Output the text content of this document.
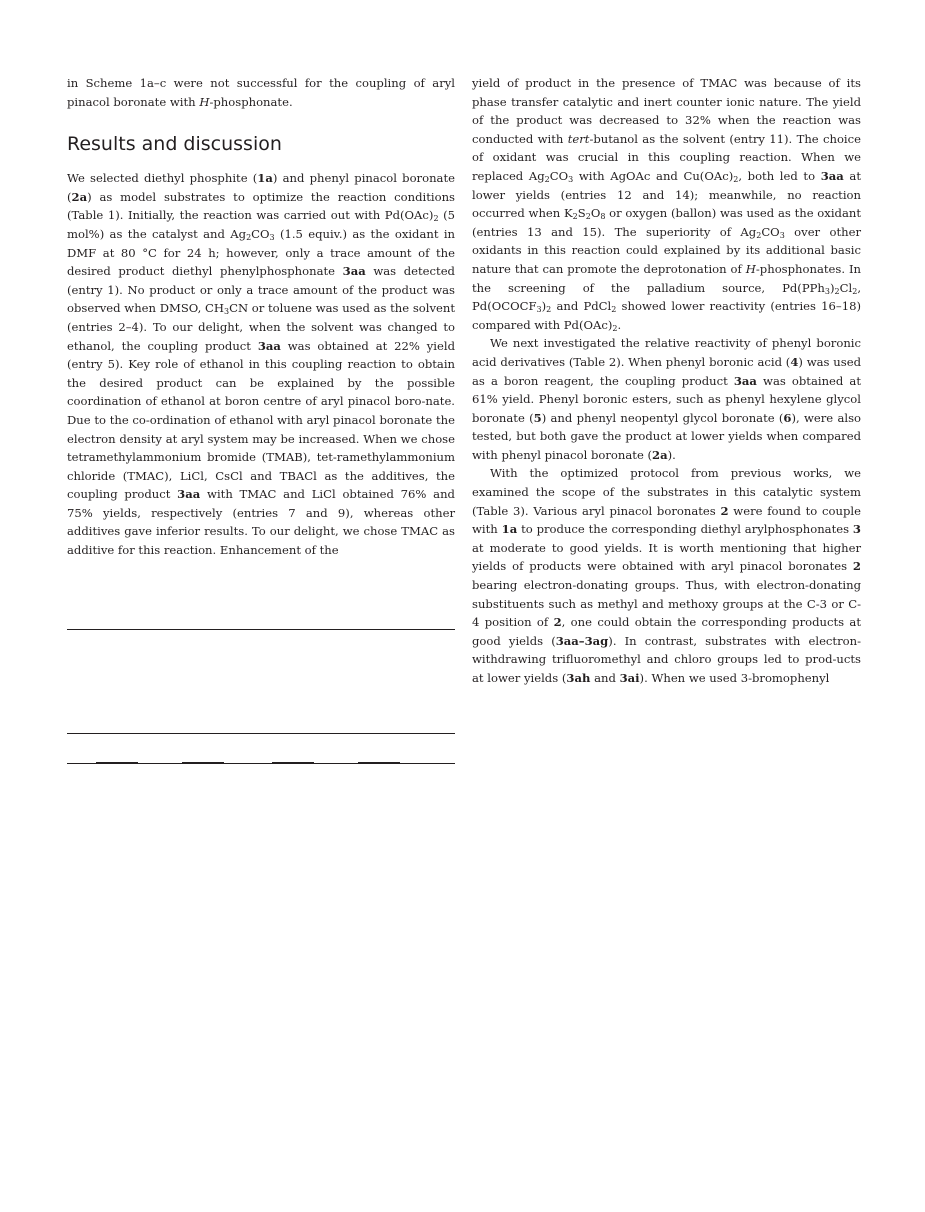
in Scheme 1a–c were not successful for the coupling of aryl pinacol boronate with H-phosphonate.

Results and discussion

We selected diethyl phosphite (1a) and phenyl pinacol boronate (2a) as model substrates to optimize the reaction conditions (Table 1). Initially, the reaction was carried out with $Pd(OAc)_2$ (5 mol%) as the catalyst and $Ag_2CO_3$ (1.5 equiv.) as the oxidant in DMF at 80 °C for 24 h; however, only a trace amount of the desired product diethyl phenylphosphonate 3aa was detected (entry 1). No product or only a trace amount of the product was observed when DMSO, $CH_3CN$ or toluene was used as the solvent (entries 2–4). To our delight, when the solvent was changed to ethanol, the coupling product 3aa was obtained at 22% yield (entry 5). Key role of ethanol in this coupling reaction to obtain the desired product can be explained by the possible coordination of ethanol at boron centre of aryl pinacol boro-nate. Due to the co-ordination of ethanol with aryl pinacol boronate the electron density at aryl system may be increased. When we chose tetramethylammonium bromide (TMAB), tet-ramethylammonium chloride (TMAC), LiCl, CsCl and TBACl as the additives, the coupling product 3aa with TMAC and LiCl obtained 76% and 75% yields, respectively (entries 7 and 9), whereas other additives gave inferior results. To our delight, we chose TMAC as additive for this reaction. Enhancement of the

yield of product in the presence of TMAC was because of its phase transfer catalytic and inert counter ionic nature. The yield of the product was decreased to 32% when the reaction was conducted with tert-butanol as the solvent (entry 11). The choice of oxidant was crucial in this coupling reaction. When we replaced $Ag_2CO_3$ with AgOAc and $Cu(OAc)_2$, both led to 3aa at lower yields (entries 12 and 14); meanwhile, no reaction occurred when $K_2S_2O_8$ or oxygen (ballon) was used as the oxidant (entries 13 and 15). The superiority of $Ag_2CO_3$ over other oxidants in this reaction could explained by its additional basic nature that can promote the deprotonation of H-phosphonates. In the screening of the palladium source, $Pd(PPh_3)_2Cl_2$, $Pd(OCOCF_3)_2$ and PdCl$_2$ showed lower reactivity (entries 16–18) compared with $Pd(OAc)_2$.

We next investigated the relative reactivity of phenyl boronic acid derivatives (Table 2). When phenyl boronic acid (4) was used as a boron reagent, the coupling product 3aa was obtained at 61% yield. Phenyl boronic esters, such as phenyl hexylene glycol boronate (5) and phenyl neopentyl glycol boronate (6), were also tested, but both gave the product at lower yields when compared with phenyl pinacol boronate (2a).

With the optimized protocol from previous works, we examined the scope of the substrates in this catalytic system (Table 3). Various aryl pinacol boronates 2 were found to couple with 1a to produce the corresponding diethyl arylphosphonates 3 at moderate to good yields. It is worth mentioning that higher yields of products were obtained with aryl pinacol boronates 2 bearing electron-donating groups. Thus, with electron-donating substituents such as methyl and methoxy groups at the C-3 or C-4 position of 2, one could obtain the corresponding products at good yields (3aa–3ag). In contrast, substrates with electron-withdrawing trifluoromethyl and chloro groups led to prod-ucts at lower yields (3ah and 3ai). When we used 3-bromophenyl
